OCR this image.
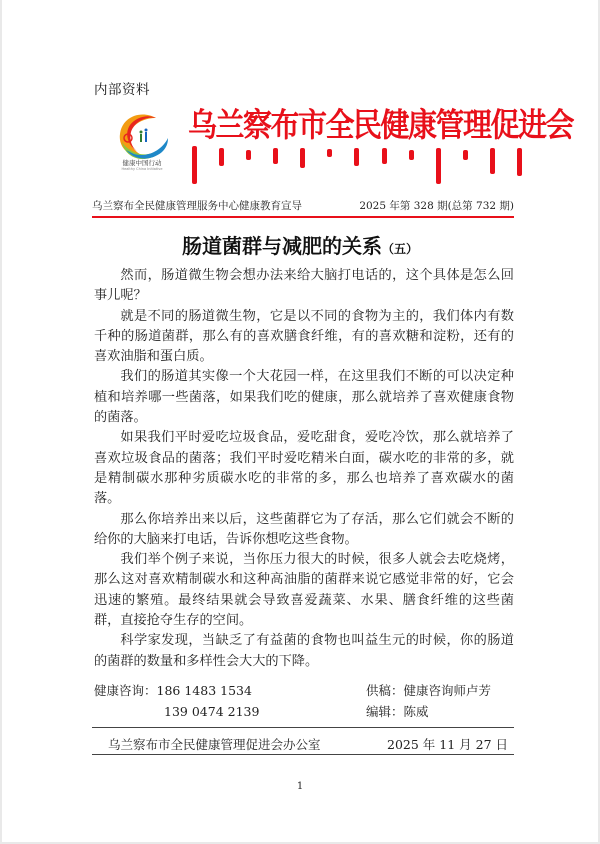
内部资料
健康中国行动
Healthy China Initiative
乌兰察布市全民健康管理促进会
乌兰察布全民健康管理服务中心健康教育宣导	2025 年第 328 期(总第 732 期)
肠道菌群与减肥的关系（五）

然而，肠道微生物会想办法来给大脑打电话的，这个具体是怎么回事儿呢？

就是不同的肠道微生物，它是以不同的食物为主的，我们体内有数千种的肠道菌群，那么有的喜欢膳食纤维，有的喜欢糖和淀粉，还有的喜欢油脂和蛋白质。

我们的肠道其实像一个大花园一样，在这里我们不断的可以决定种植和培养哪一些菌落，如果我们吃的健康，那么就培养了喜欢健康食物的菌落。

如果我们平时爱吃垃圾食品，爱吃甜食，爱吃冷饮，那么就培养了喜欢垃圾食品的菌落；我们平时爱吃精米白面，碳水吃的非常的多，就是精制碳水那种劣质碳水吃的非常的多，那么也培养了喜欢碳水的菌落。

那么你培养出来以后，这些菌群它为了存活，那么它们就会不断的给你的大脑来打电话，告诉你想吃这些食物。

我们举个例子来说，当你压力很大的时候，很多人就会去吃烧烤，那么这对喜欢精制碳水和这种高油脂的菌群来说它感觉非常的好，它会迅速的繁殖。最终结果就会导致喜爱蔬菜、水果、膳食纤维的这些菌群，直接抢夺生存的空间。

科学家发现，当缺乏了有益菌的食物也叫益生元的时候，你的肠道的菌群的数量和多样性会大大的下降。

健康咨询：186 1483 1534
139 0474 2139
供稿：健康咨询师卢芳
编辑：陈威
乌兰察布市全民健康管理促进会办公室	2025 年 11 月 27 日
1
